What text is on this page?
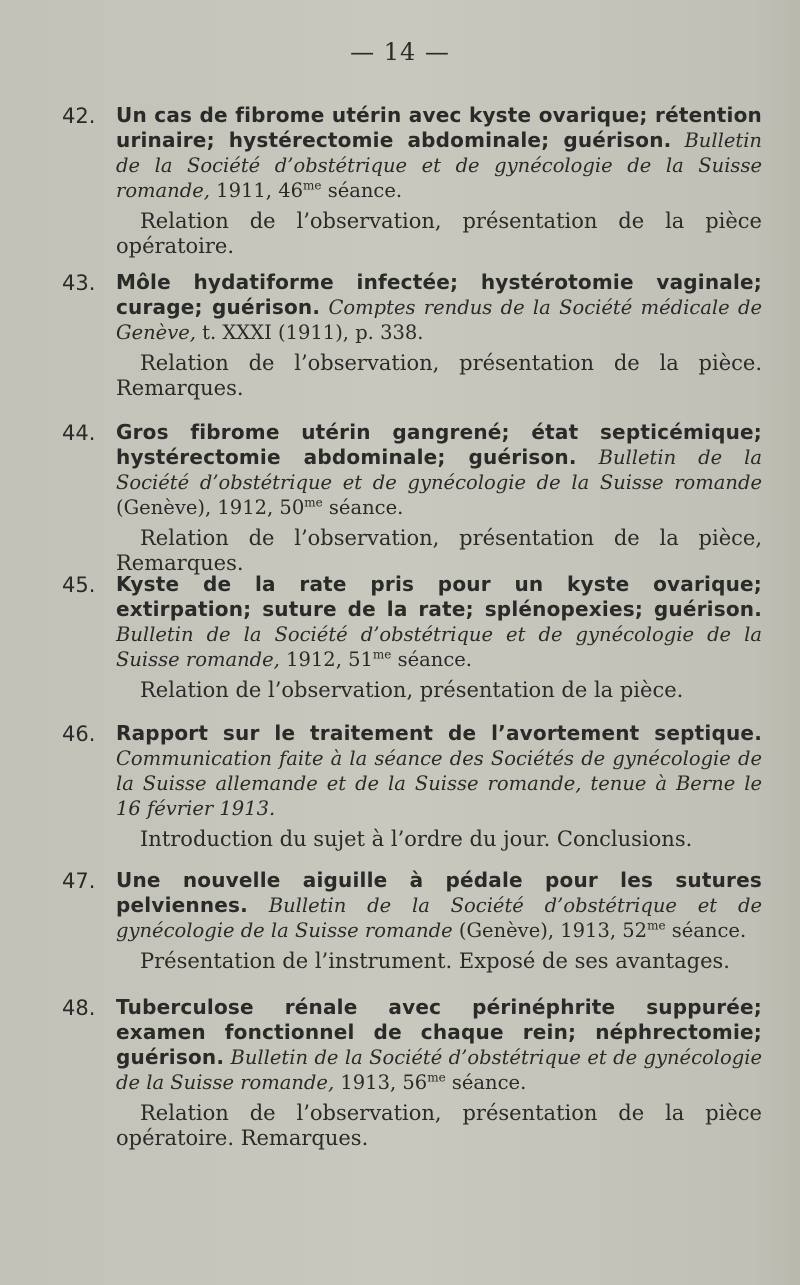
— 14 —
42. Un cas de fibrome utérin avec kyste ovarique; rétention urinaire; hystérectomie abdominale; guérison. Bulletin de la Société d’obstétrique et de gynécologie de la Suisse romande, 1911, $46^{me}$ séance.
Relation de l’observation, présentation de la pièce opératoire.
43. Môle hydatiforme infectée; hystérotomie vaginale; curage; guérison. Comptes rendus de la Société médicale de Genève, t. XXXI (1911), p. 338.
Relation de l’observation, présentation de la pièce. Remarques.
44. Gros fibrome utérin gangrené; état septicémique; hystérectomie abdominale; guérison. Bulletin de la Société d’obstétrique et de gynécologie de la Suisse romande (Genève), 1912, $50^{me}$ séance.
Relation de l’observation, présentation de la pièce, Remarques.
45. Kyste de la rate pris pour un kyste ovarique; extirpation; suture de la rate; splénopexies; guérison. Bulletin de la Société d’obstétrique et de gynécologie de la Suisse romande, 1912, $51^{me}$ séance.
Relation de l’observation, présentation de la pièce.
46. Rapport sur le traitement de l’avortement septique. Communication faite à la séance des Sociétés de gynécologie de la Suisse allemande et de la Suisse romande, tenue à Berne le 16 février 1913.
Introduction du sujet à l’ordre du jour. Conclusions.
47. Une nouvelle aiguille à pédale pour les sutures pelviennes. Bulletin de la Société d’obstétrique et de gynécologie de la Suisse romande (Genève), 1913, $52^{me}$ séance.
Présentation de l’instrument. Exposé de ses avantages.
48. Tuberculose rénale avec périnéphrite suppurée; examen fonctionnel de chaque rein; néphrectomie; guérison. Bulletin de la Société d’obstétrique et de gynécologie de la Suisse romande, 1913, $56^{me}$ séance.
Relation de l’observation, présentation de la pièce opératoire. Remarques.
